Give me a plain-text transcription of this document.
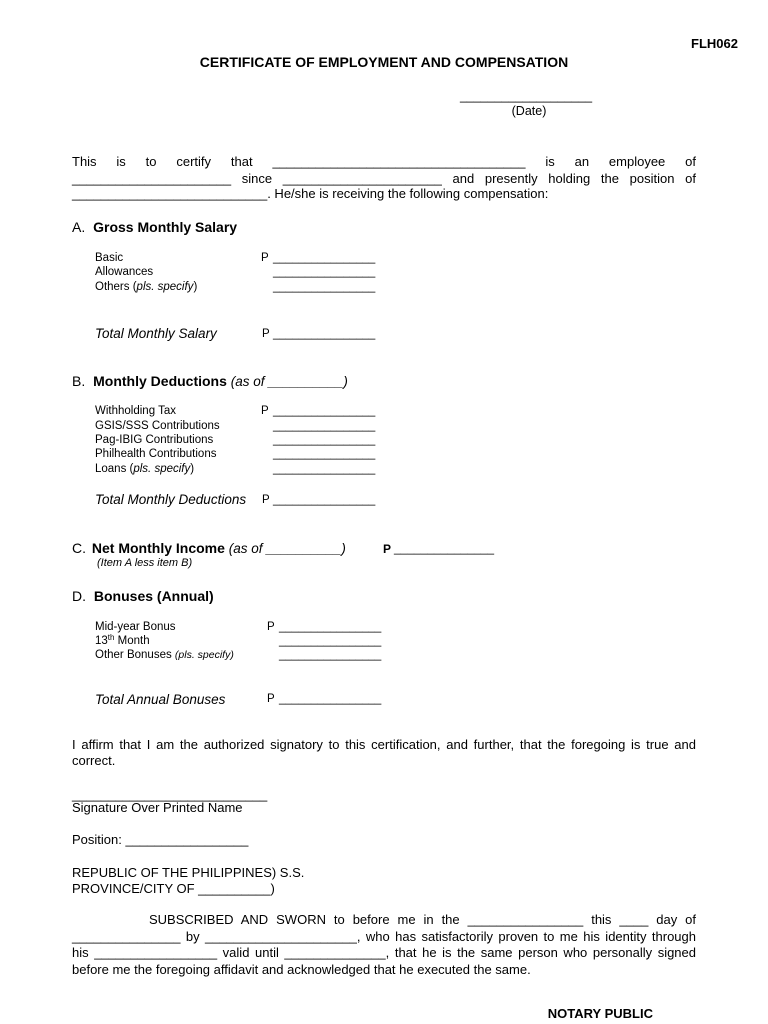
FLH062
CERTIFICATE OF EMPLOYMENT AND COMPENSATION
___________________
(Date)
This is to certify that ___________________________________ is an employee of
______________________ since ______________________ and presently holding the position of
___________________________. He/she is receiving the following compensation:
A. Gross Monthly Salary
Basic	P ________________
Allowances	________________
Others (pls. specify)	________________
Total Monthly Salary	P ________________
B. Monthly Deductions (as of __________)
Withholding Tax	P ________________
GSIS/SSS Contributions	________________
Pag-IBIG Contributions	________________
Philhealth Contributions	________________
Loans (pls. specify)	________________
Total Monthly Deductions P ________________
C. Net Monthly Income (as of __________)	P _______________
(Item A less item B)
D. Bonuses (Annual)
Mid-year Bonus	P ________________
13th Month	________________
Other Bonuses (pls. specify)	________________
Total Annual Bonuses	P ________________
I affirm that I am the authorized signatory to this certification, and further, that the foregoing is true and correct.
___________________________
Signature Over Printed Name
Position: _________________
REPUBLIC OF THE PHILIPPINES) S.S.
PROVINCE/CITY OF __________)
SUBSCRIBED AND SWORN to before me in the ________________ this ____ day of _______________ by _____________________, who has satisfactorily proven to me his identity through his _________________ valid until ______________, that he is the same person who personally signed before me the foregoing affidavit and acknowledged that he executed the same.
NOTARY PUBLIC
